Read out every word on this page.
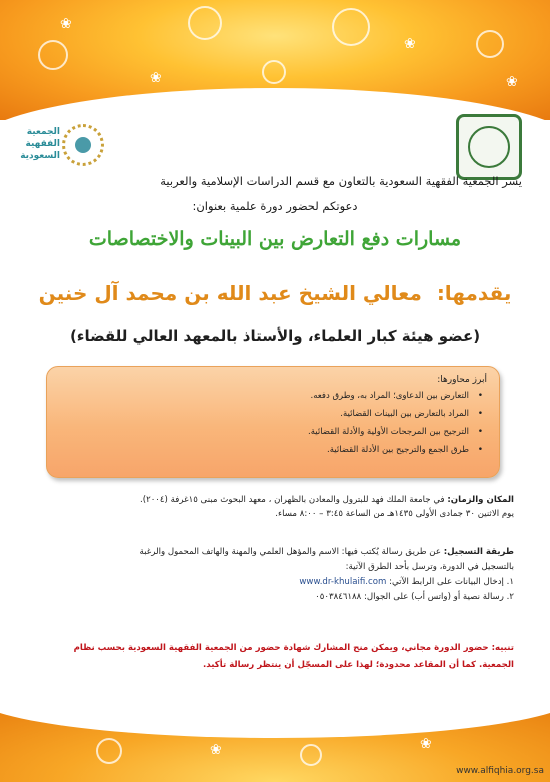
❀
❀
❀
❀
الجمعية
الفقهية
السعودية
يسر الجمعية الفقهية السعودية بالتعاون مع قسم الدراسات الإسلامية والعربية
دعوتكم لحضور دورة علمية بعنوان:
مسارات دفع التعارض بين البينات والاختصاصات
يقدمها: معالي الشيخ عبد الله بن محمد آل خنين
(عضو هيئة كبار العلماء، والأستاذ بالمعهد العالي للقضاء)
أبرز محاورها:
• التعارض بين الدعاوى؛ المراد به، وطرق دفعه.
• المراد بالتعارض بين البينات القضائية.
• الترجيح بين المرجحات الأولية والأدلة القضائية.
• طرق الجمع والترجيح بين الأدلة القضائية.
المكان والزمان: في جامعة الملك فهد للبترول والمعادن بالظهران ، معهد البحوث مبنى ١٥غرفة (٢٠٠٤).
يوم الاثنين ٣٠ جمادى الأولى ١٤٣٥هـ من الساعة ٣:٤٥ – ٨:٠٠ مساء.
طريقة التسجيل: عن طريق رسالة يُكتب فيها: الاسم والمؤهل العلمي والمهنة والهاتف المحمول والرغبة
بالتسجيل في الدورة، وترسل بأحد الطرق الآتية:
١. إدخال البيانات على الرابط الآتي: www.dr-khulaifi.com
٢. رسالة نصية أو (واتس أب) على الجوال: ٠٥٠٣٨٤٦١٨٨
تنبيه: حضور الدورة مجاني، ويمكن منح المشارك شهادة حضور من الجمعية الفقهية السعودية بحسب نظام
الجمعية. كما أن المقاعد محدودة؛ لهذا على المسجّل أن ينتظر رسالة تأكيد.
❀	❀
www.alfiqhia.org.sa
